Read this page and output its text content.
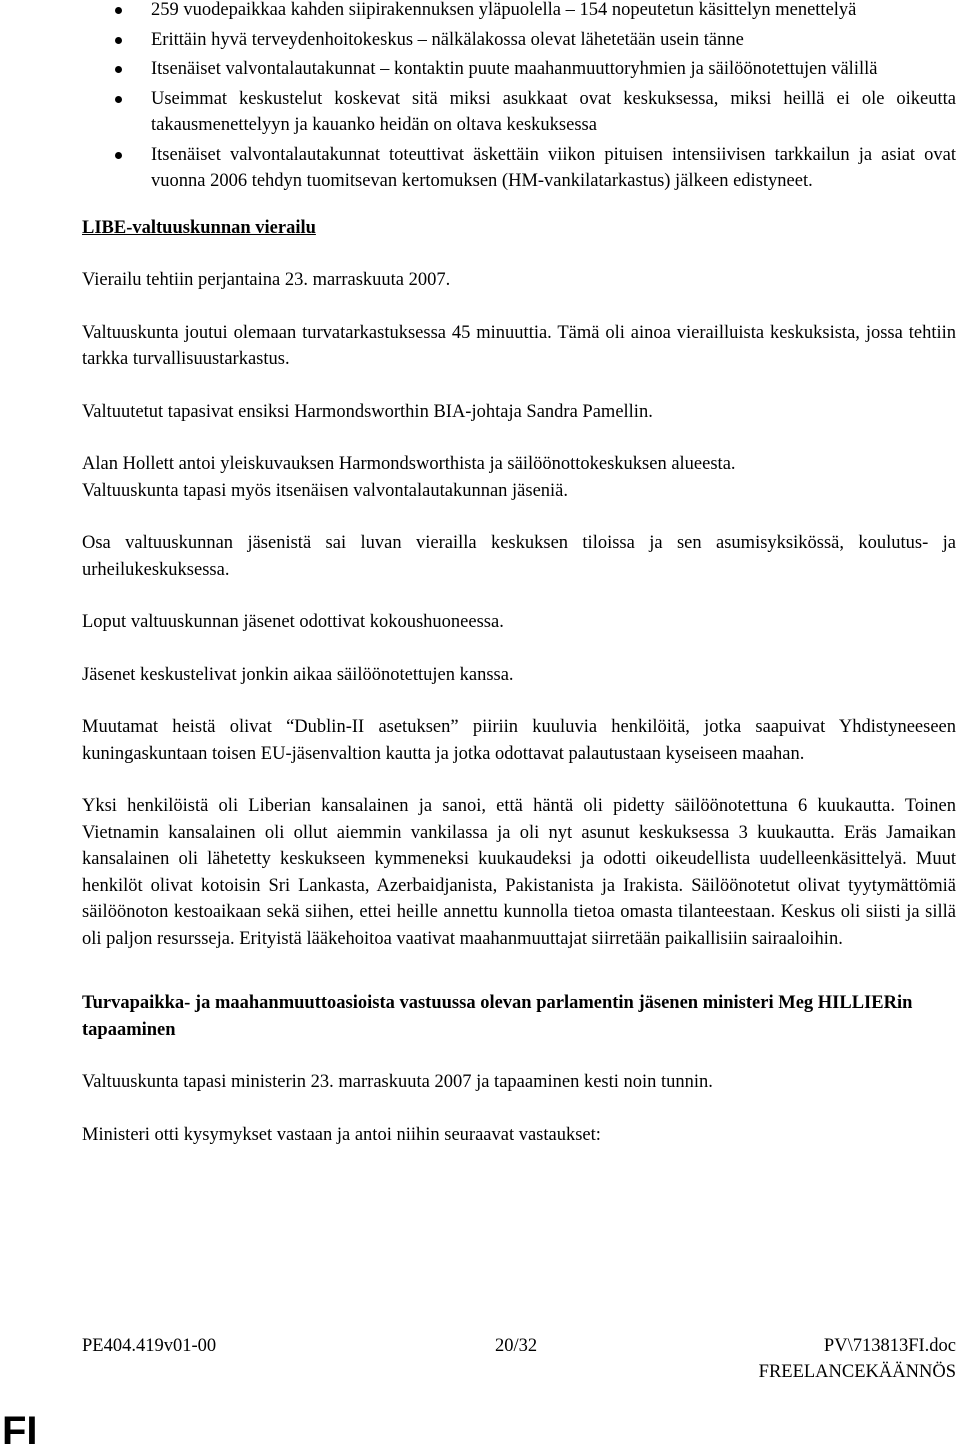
259 vuodepaikkaa kahden siipirakennuksen yläpuolella – 154 nopeutetun käsittelyn menettelyä
Erittäin hyvä terveydenhoitokeskus – nälkälakossa olevat lähetetään usein tänne
Itsenäiset valvontalautakunnat – kontaktin puute maahanmuuttoryhmien ja säilöönotettujen välillä
Useimmat keskustelut koskevat sitä miksi asukkaat ovat keskuksessa, miksi heillä ei ole oikeutta takausmenettelyyn ja kauanko heidän on oltava keskuksessa
Itsenäiset valvontalautakunnat toteuttivat äskettäin viikon pituisen intensiivisen tarkkailun ja asiat ovat vuonna 2006 tehdyn tuomitsevan kertomuksen (HM-vankilatarkastus) jälkeen edistyneet.

LIBE-valtuuskunnan vierailu

Vierailu tehtiin perjantaina 23. marraskuuta 2007.

Valtuuskunta joutui olemaan turvatarkastuksessa 45 minuuttia. Tämä oli ainoa vierailluista keskuksista, jossa tehtiin tarkka turvallisuustarkastus.

Valtuutetut tapasivat ensiksi Harmondsworthin BIA-johtaja Sandra Pamellin.

Alan Hollett antoi yleiskuvauksen Harmondsworthista ja säilöönottokeskuksen alueesta.

Valtuuskunta tapasi myös itsenäisen valvontalautakunnan jäseniä.

Osa valtuuskunnan jäsenistä sai luvan vierailla keskuksen tiloissa ja sen asumisyksikössä, koulutus- ja urheilukeskuksessa.

Loput valtuuskunnan jäsenet odottivat kokoushuoneessa.

Jäsenet keskustelivat jonkin aikaa säilöönotettujen kanssa.

Muutamat heistä olivat “Dublin-II asetuksen” piiriin kuuluvia henkilöitä, jotka saapuivat Yhdistyneeseen kuningaskuntaan toisen EU-jäsenvaltion kautta ja jotka odottavat palautustaan kyseiseen maahan.

Yksi henkilöistä oli Liberian kansalainen ja sanoi, että häntä oli pidetty säilöönotettuna 6 kuukautta. Toinen Vietnamin kansalainen oli ollut aiemmin vankilassa ja oli nyt asunut keskuksessa 3 kuukautta. Eräs Jamaikan kansalainen oli lähetetty keskukseen kymmeneksi kuukaudeksi ja odotti oikeudellista uudelleenkäsittelyä. Muut henkilöt olivat kotoisin Sri Lankasta, Azerbaidjanista, Pakistanista ja Irakista. Säilöönotetut olivat tyytymättömiä säilöönoton kestoaikaan sekä siihen, ettei heille annettu kunnolla tietoa omasta tilanteestaan. Keskus oli siisti ja sillä oli paljon resurssejа. Erityistä lääkehoitoa vaativat maahanmuuttajat siirretään paikallisiin sairaaloihin.

Turvapaikka- ja maahanmuuttoasioista vastuussa olevan parlamentin jäsenen ministeri Meg HILLIERin tapaaminen

Valtuuskunta tapasi ministerin 23. marraskuuta 2007 ja tapaaminen kesti noin tunnin.

Ministeri otti kysymykset vastaan ja antoi niihin seuraavat vastaukset:

PE404.419v01-00	20/32	PV\713813FI.doc
FREELANCEKÄÄNNÖS
FI
